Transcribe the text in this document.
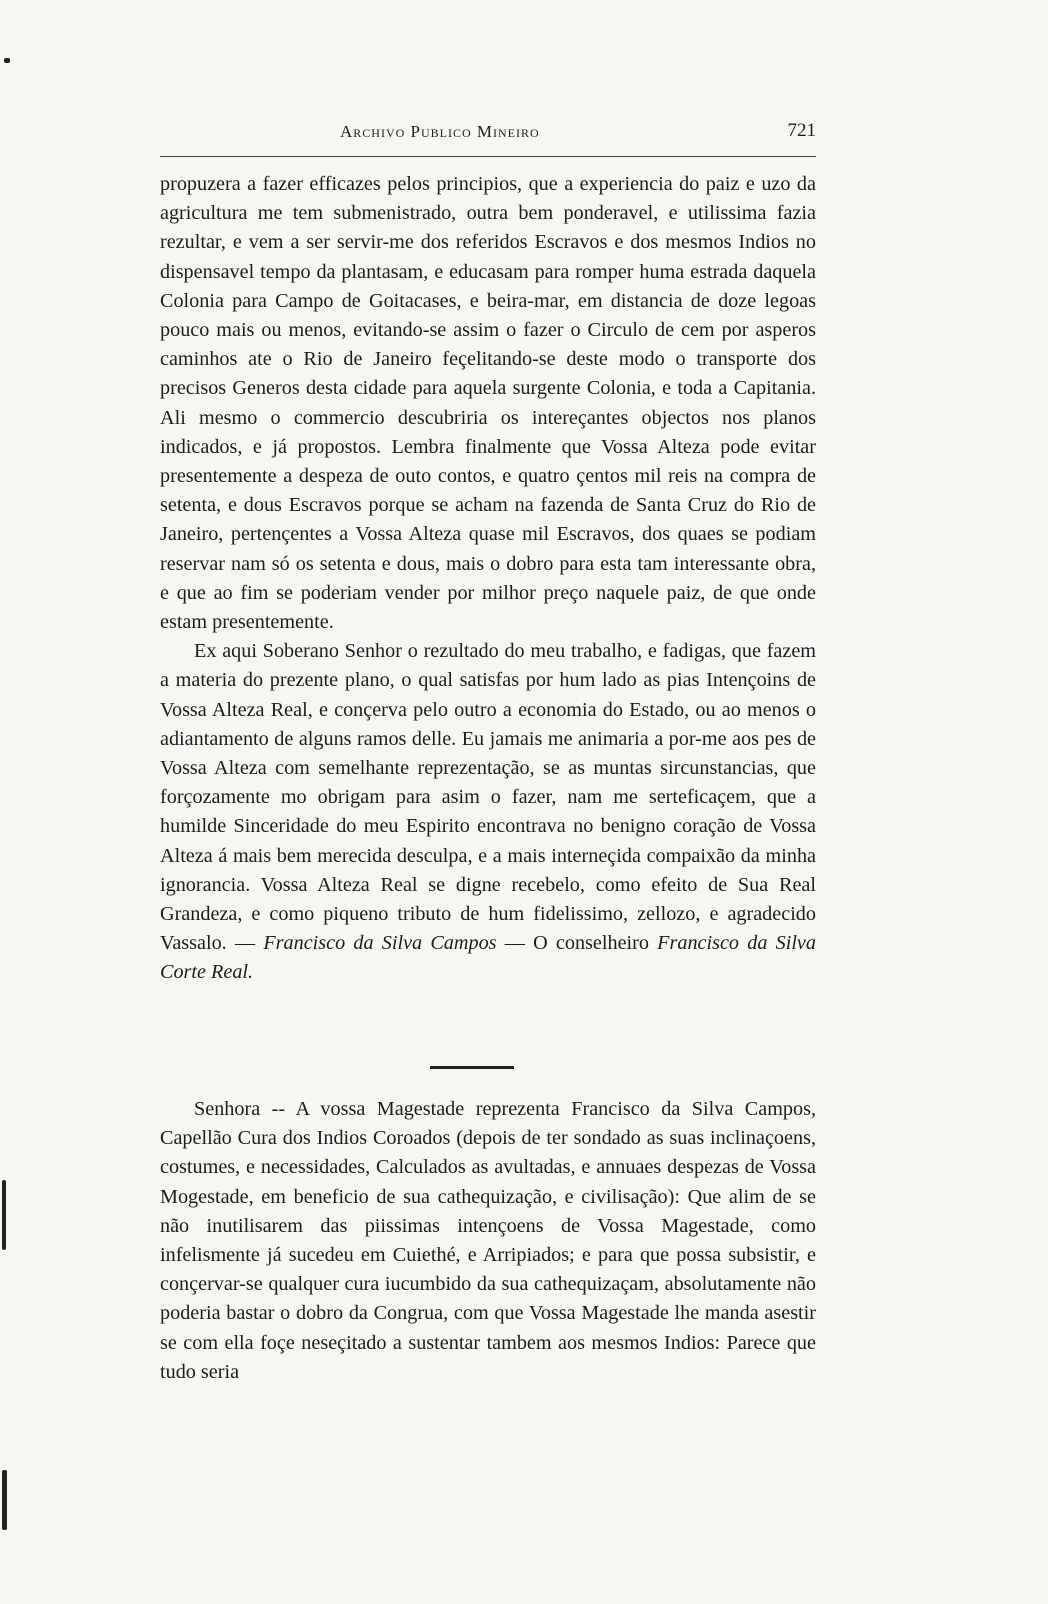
Archivo Publico Mineiro	721

propuzera a fazer efficazes pelos principios, que a experiencia do paiz e uzo da agricultura me tem submenistrado, outra bem ponderavel, e utilissima fazia rezultar, e vem a ser servir-me dos referidos Escravos e dos mesmos Indios no dispensavel tempo da plantasam, e educasam para romper huma estrada daquela Colonia para Campo de Goitacases, e beira-mar, em distancia de doze legoas pouco mais ou menos, evitando-se assim o fazer o Circulo de cem por asperos caminhos ate o Rio de Janeiro feçelitando-se deste modo o transporte dos precisos Generos desta cidade para aquela surgente Colonia, e toda a Capitania. Ali mesmo o commercio descubriria os intereçantes objectos nos planos indicados, e já propostos. Lembra finalmente que Vossa Alteza pode evitar presentemente a despeza de outo contos, e quatro çentos mil reis na compra de setenta, e dous Escravos porque se acham na fazenda de Santa Cruz do Rio de Janeiro, pertençentes a Vossa Alteza quase mil Escravos, dos quaes se podiam reservar nam só os setenta e dous, mais o dobro para esta tam interessante obra, e que ao fim se poderiam vender por milhor preço naquele paiz, de que onde estam presentemente.

Ex aqui Soberano Senhor o rezultado do meu trabalho, e fadigas, que fazem a materia do prezente plano, o qual satisfas por hum lado as pias Intençoins de Vossa Alteza Real, e conçerva pelo outro a economia do Estado, ou ao menos o adiantamento de alguns ramos delle. Eu jamais me animaria a por-me aos pes de Vossa Alteza com semelhante reprezentação, se as muntas sircunstancias, que forçozamente mo obrigam para asim o fazer, nam me serteficaçem, que a humilde Sinceridade do meu Espirito encontrava no benigno coração de Vossa Alteza á mais bem merecida desculpa, e a mais interneçida compaixão da minha ignorancia. Vossa Alteza Real se digne recebelo, como efeito de Sua Real Grandeza, e como piqueno tributo de hum fidelissimo, zellozo, e agradecido Vassalo. — Francisco da Silva Campos — O conselheiro Francisco da Silva Corte Real.

Senhora -- A vossa Magestade reprezenta Francisco da Silva Campos, Capellão Cura dos Indios Coroados (depois de ter sondado as suas inclinaçoens, costumes, e necessidades, Calculados as avultadas, e annuaes despezas de Vossa Mogestade, em beneficio de sua cathequização, e civilisação): Que alim de se não inutilisarem das piissimas intençoens de Vossa Magestade, como infelismente já sucedeu em Cuiethé, e Arripiados; e para que possa subsistir, e conçervar-se qualquer cura iucumbido da sua cathequizaçam, absolutamente não poderia bastar o dobro da Congrua, com que Vossa Magestade lhe manda asestir se com ella foçe neseçitado a sustentar tambem aos mesmos Indios: Parece que tudo seria
